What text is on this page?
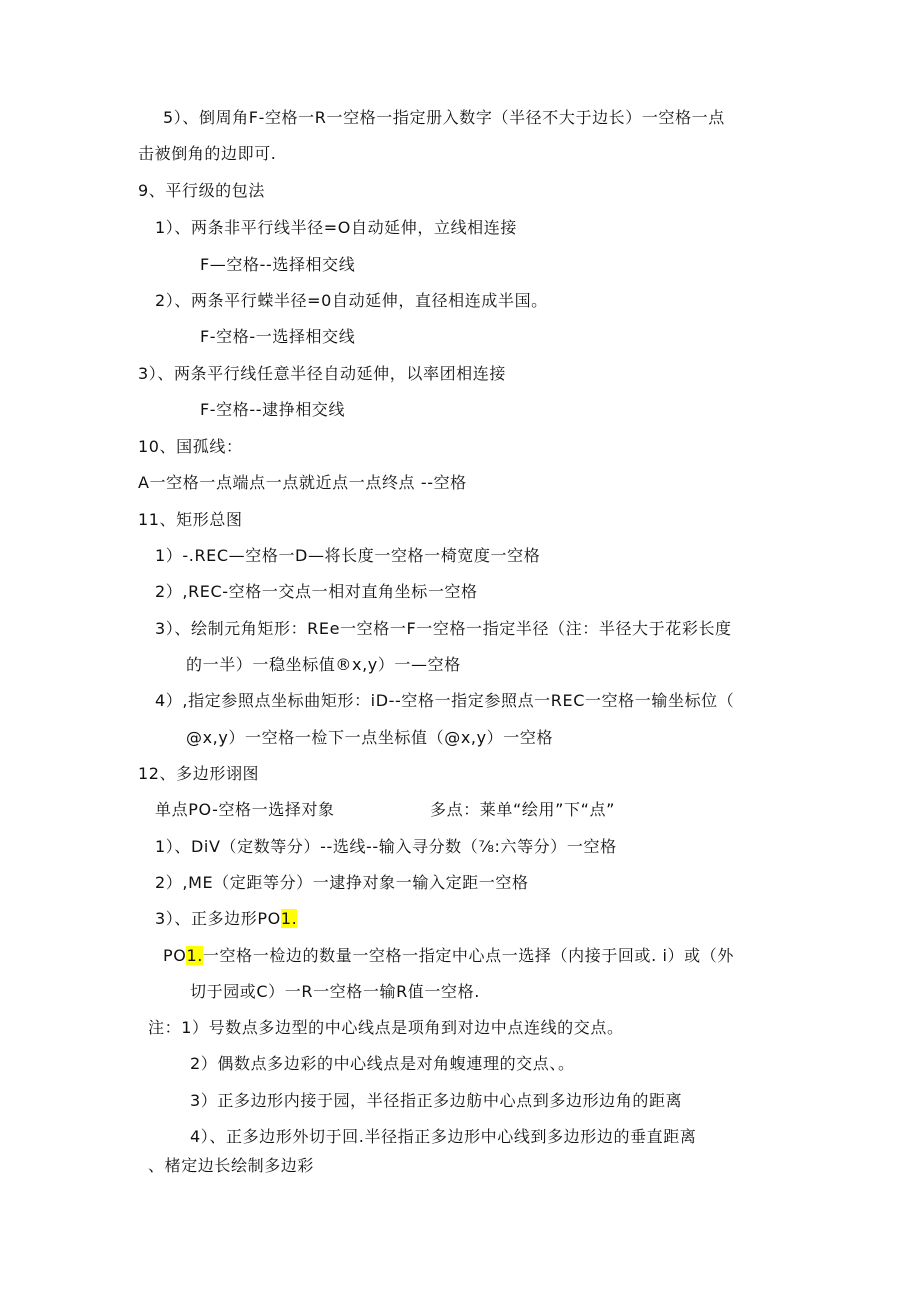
5）、倒周角F-空格一R一空格一指定册入数字（半径不大于边长）一空格一点
击被倒角的边即可.
9、平行级的包法
1）、两条非平行线半径=O自动延伸，立线相连接
F—空格--选择相交线
2）、两条平行蝾半径=0自动延伸，直径相连成半国。
F-空格-一选择相交线
3）、两条平行线任意半径自动延伸，以率团相连接
F-空格--逮挣相交线
10、国孤线：
A一空格一点端点一点就近点一点终点 --空格
11、矩形总图
1）-.REC—空格一D—将长度一空格一椅宽度一空格
2）,REC-空格一交点一相对直角坐标一空格
3）、绘制元角矩形：REe一空格一F一空格一指定半径（注：半径大于花彩长度
的一半）一稳坐标值®x,y）一—空格
4）,指定参照点坐标曲矩形：iD--空格一指定参照点一REC一空格一输坐标位（
@x,y）一空格一检下一点坐标值（@x,y）一空格
12、多边形诩图
单点PO-空格一选择对象	多点：莱单“绘用”下“点”
1）、DiV（定数等分）--选线--输入寻分数（⅞:六等分）一空格
2）,ME（定距等分）一逮挣对象一输入定距一空格
3）、正多边形PO1.
PO1.一空格一检边的数量一空格一指定中心点一选择（内接于回或. i）或（外
切于园或C）一R一空格一输R值一空格.
注：1）号数点多边型的中心线点是项角到对边中点连线的交点。
2）偶数点多边彩的中心线点是对角蝮連理的交点、。
3）正多边形内接于园，半径指正多边舫中心点到多边形边角的距离
4）、正多边形外切于回.半径指正多边形中心线到多边形边的垂直距离
、楮定边长绘制多边彩
